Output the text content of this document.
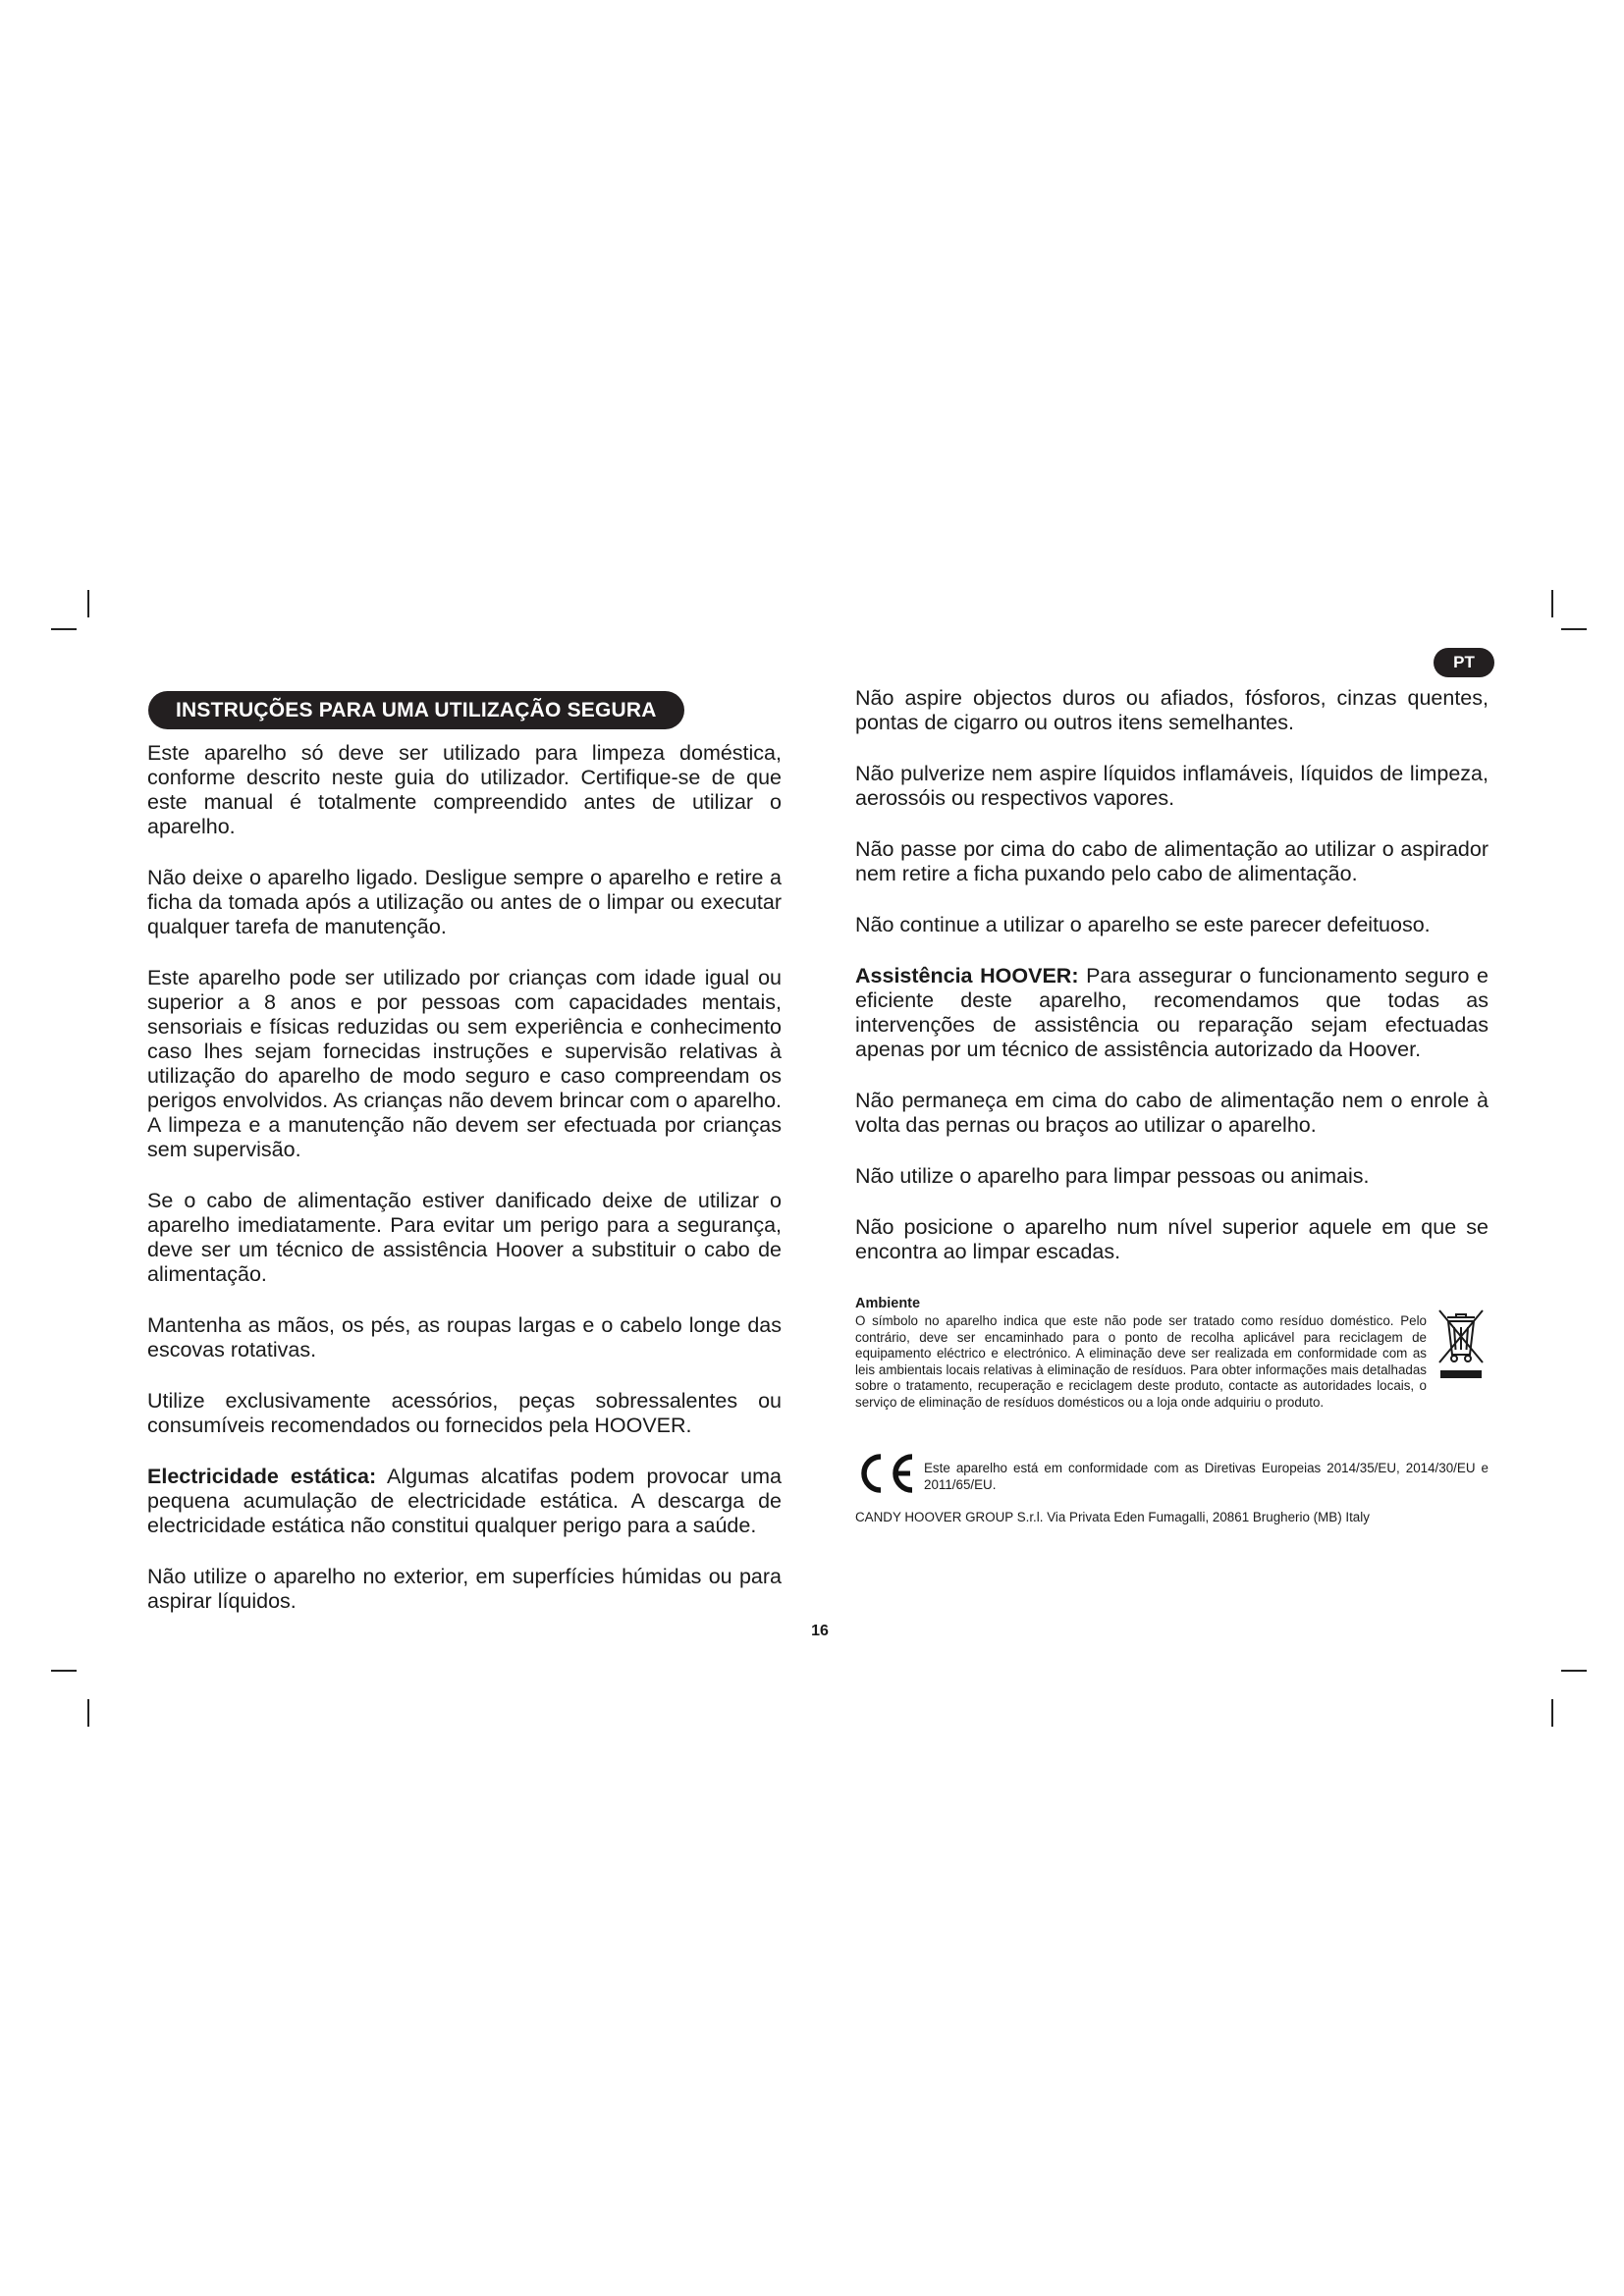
PT
INSTRUÇÕES PARA UMA UTILIZAÇÃO SEGURA

Este aparelho só deve ser utilizado para limpeza doméstica, conforme descrito neste guia do utilizador. Certifique-se de que este manual é totalmente compreendido antes de utilizar o aparelho.

Não deixe o aparelho ligado. Desligue sempre o aparelho e retire a ficha da tomada após a utilização ou antes de o limpar ou executar qualquer tarefa de manutenção.

Este aparelho pode ser utilizado por crianças com idade igual ou superior a 8 anos e por pessoas com capacidades mentais, sensoriais e físicas reduzidas ou sem experiência e conhecimento caso lhes sejam fornecidas instruções e supervisão relativas à utilização do aparelho de modo seguro e caso compreendam os perigos envolvidos. As crianças não devem brincar com o aparelho. A limpeza e a manutenção não devem ser efectuada por crianças sem supervisão.

Se o cabo de alimentação estiver danificado deixe de utilizar o aparelho imediatamente. Para evitar um perigo para a segurança, deve ser um técnico de assistência Hoover a substituir o cabo de alimentação.

Mantenha as mãos, os pés, as roupas largas e o cabelo longe das escovas rotativas.

Utilize exclusivamente acessórios, peças sobressalentes ou consumíveis recomendados ou fornecidos pela HOOVER.

Electricidade estática: Algumas alcatifas podem provocar uma pequena acumulação de electricidade estática. A descarga de electricidade estática não constitui qualquer perigo para a saúde.

Não utilize o aparelho no exterior, em superfícies húmidas ou para aspirar líquidos.

Não aspire objectos duros ou afiados, fósforos, cinzas quentes, pontas de cigarro ou outros itens semelhantes.

Não pulverize nem aspire líquidos inflamáveis, líquidos de limpeza, aerossóis ou respectivos vapores.

Não passe por cima do cabo de alimentação ao utilizar o aspirador nem retire a ficha puxando pelo cabo de alimentação.

Não continue a utilizar o aparelho se este parecer defeituoso.

Assistência HOOVER: Para assegurar o funcionamento seguro e eficiente deste aparelho, recomendamos que todas as intervenções de assistência ou reparação sejam efectuadas apenas por um técnico de assistência autorizado da Hoover.

Não permaneça em cima do cabo de alimentação nem o enrole à volta das pernas ou braços ao utilizar o aparelho.

Não utilize o aparelho para limpar pessoas ou animais.

Não posicione o aparelho num nível superior aquele em que se encontra ao limpar escadas.

Ambiente

O símbolo no aparelho indica que este não pode ser tratado como resíduo doméstico. Pelo contrário, deve ser encaminhado para o ponto de recolha aplicável para reciclagem de equipamento eléctrico e electrónico. A eliminação deve ser realizada em conformidade com as leis ambientais locais relativas à eliminação de resíduos. Para obter informações mais detalhadas sobre o tratamento, recuperação e reciclagem deste produto, contacte as autoridades locais, o serviço de eliminação de resíduos domésticos ou a loja onde adquiriu o produto.

Este aparelho está em conformidade com as Diretivas Europeias 2014/35/EU, 2014/30/EU e 2011/65/EU.

CANDY HOOVER GROUP S.r.l. Via Privata Eden Fumagalli, 20861 Brugherio (MB) Italy

16
